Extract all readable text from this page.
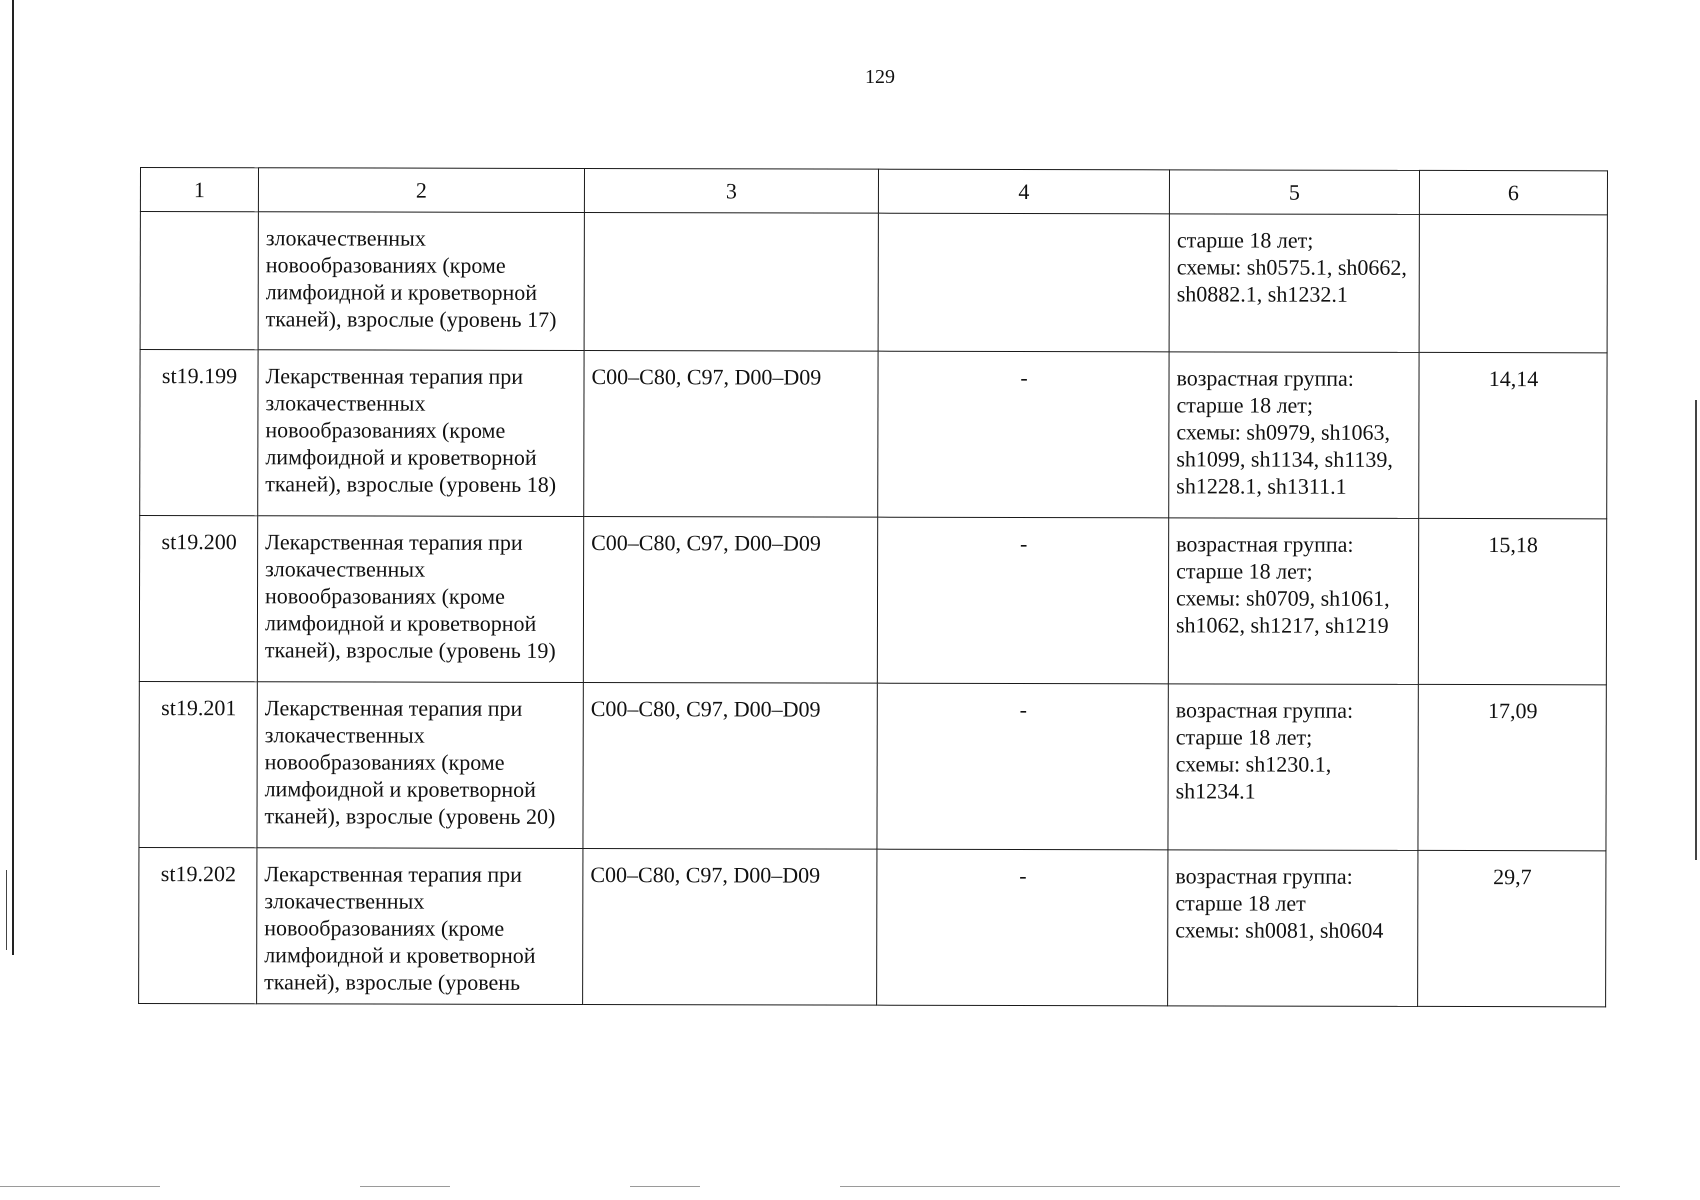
129
1	2	3	4	5	6
	злокачественных новообразованиях (кроме лимфоидной и кроветворной тканей), взрослые (уровень 17)			старше 18 лет;
схемы: sh0575.1, sh0662, sh0882.1, sh1232.1	
st19.199	Лекарственная терапия при злокачественных новообразованиях (кроме лимфоидной и кроветворной тканей), взрослые (уровень 18)	C00–C80, C97, D00–D09	-	возрастная группа:
старше 18 лет;
схемы: sh0979, sh1063, sh1099, sh1134, sh1139, sh1228.1, sh1311.1	14,14
st19.200	Лекарственная терапия при злокачественных новообразованиях (кроме лимфоидной и кроветворной тканей), взрослые (уровень 19)	C00–C80, C97, D00–D09	-	возрастная группа:
старше 18 лет;
схемы: sh0709, sh1061, sh1062, sh1217, sh1219	15,18
st19.201	Лекарственная терапия при злокачественных новообразованиях (кроме лимфоидной и кроветворной тканей), взрослые (уровень 20)	C00–C80, C97, D00–D09	-	возрастная группа:
старше 18 лет;
схемы: sh1230.1, sh1234.1	17,09
st19.202	Лекарственная терапия при злокачественных новообразованиях (кроме лимфоидной и кроветворной тканей), взрослые (уровень	C00–C80, C97, D00–D09	-	возрастная группа:
старше 18 лет
схемы: sh0081, sh0604	29,7
